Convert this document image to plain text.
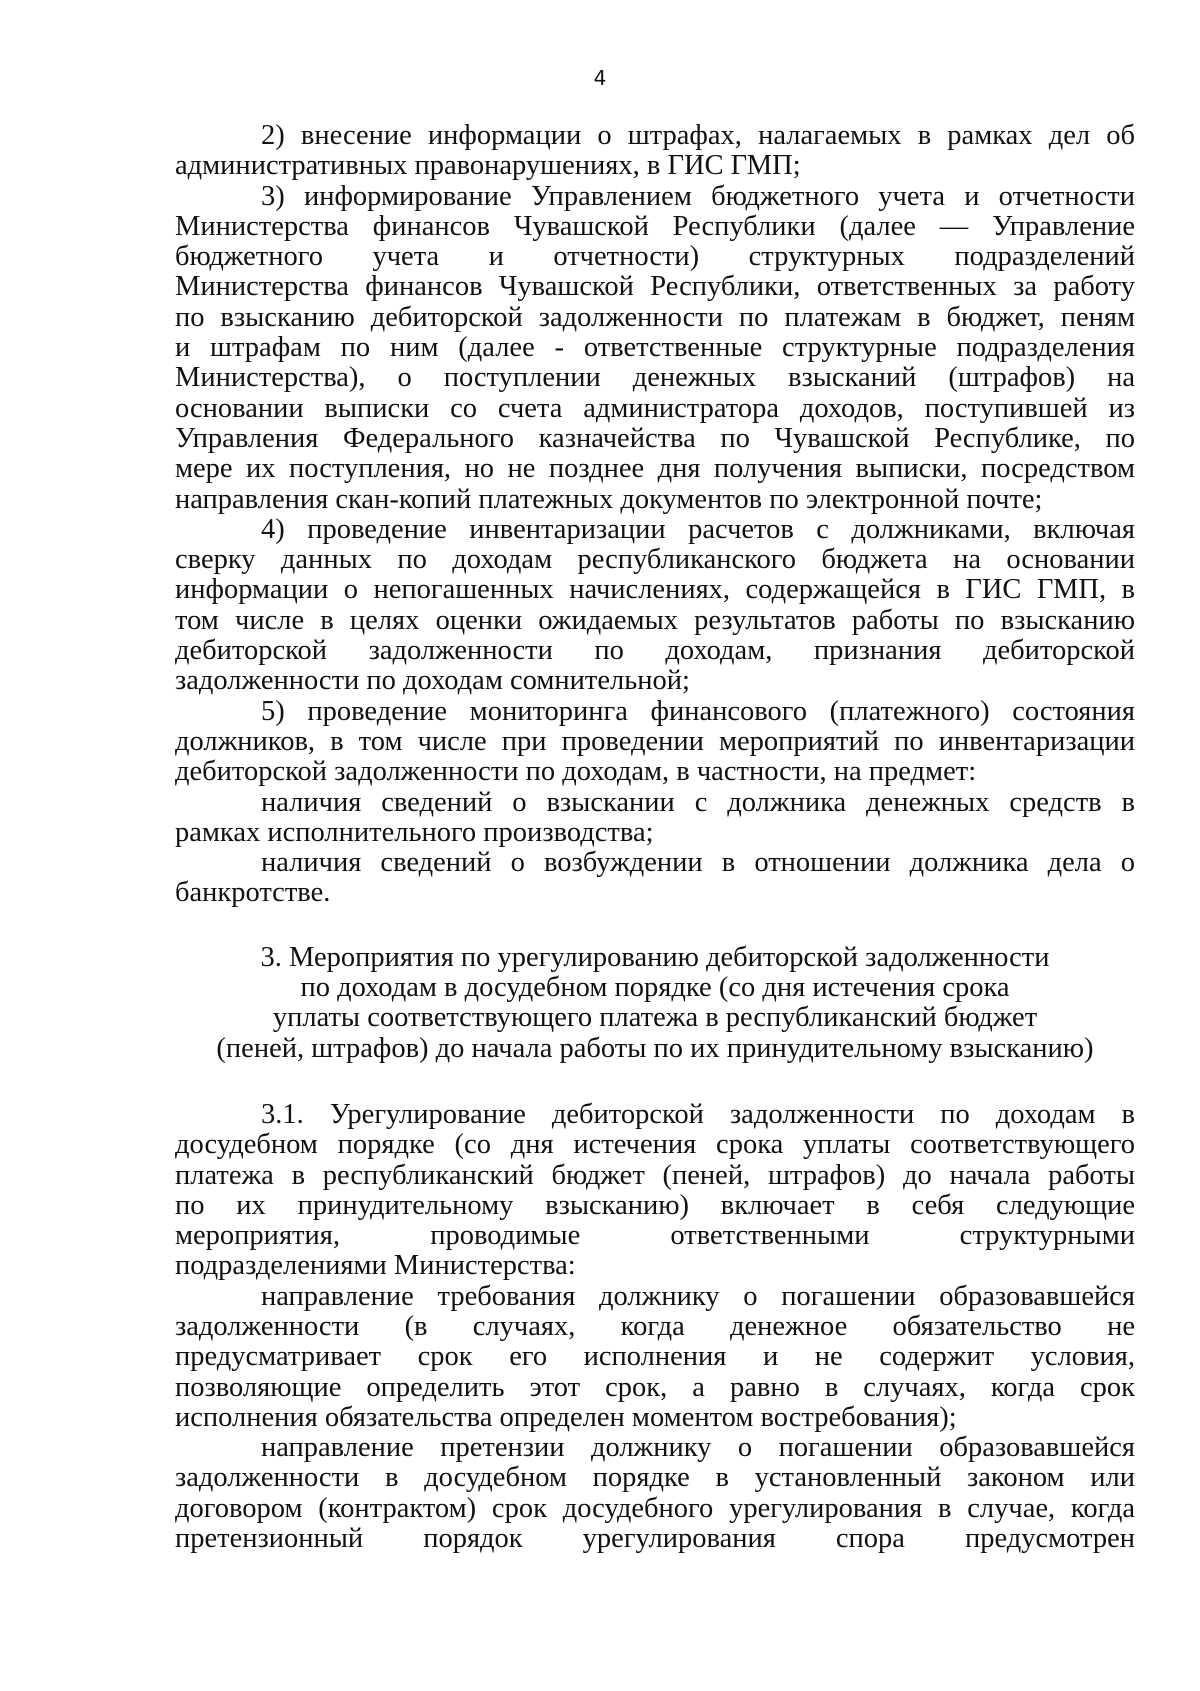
4
2) внесение информации о штрафах, налагаемых в рамках дел об
административных правонарушениях, в ГИС ГМП;
3) информирование Управлением бюджетного учета и отчетности
Министерства финансов Чувашской Республики (далее — Управление
бюджетного учета и отчетности) структурных подразделений
Министерства финансов Чувашской Республики, ответственных за работу
по взысканию дебиторской задолженности по платежам в бюджет, пеням
и штрафам по ним (далее - ответственные структурные подразделения
Министерства), о поступлении денежных взысканий (штрафов) на
основании выписки со счета администратора доходов, поступившей из
Управления Федерального казначейства по Чувашской Республике, по
мере их поступления, но не позднее дня получения выписки, посредством
направления скан-копий платежных документов по электронной почте;
4) проведение инвентаризации расчетов с должниками, включая
сверку данных по доходам республиканского бюджета на основании
информации о непогашенных начислениях, содержащейся в ГИС ГМП, в
том числе в целях оценки ожидаемых результатов работы по взысканию
дебиторской задолженности по доходам, признания дебиторской
задолженности по доходам сомнительной;
5) проведение мониторинга финансового (платежного) состояния
должников, в том числе при проведении мероприятий по инвентаризации
дебиторской задолженности по доходам, в частности, на предмет:
наличия сведений о взыскании с должника денежных средств в
рамках исполнительного производства;
наличия сведений о возбуждении в отношении должника дела о
банкротстве.
3. Мероприятия по урегулированию дебиторской задолженности
по доходам в досудебном порядке (со дня истечения срока
уплаты соответствующего платежа в республиканский бюджет
(пеней, штрафов) до начала работы по их принудительному взысканию)
3.1. Урегулирование дебиторской задолженности по доходам в
досудебном порядке (со дня истечения срока уплаты соответствующего
платежа в республиканский бюджет (пеней, штрафов) до начала работы
по их принудительному взысканию) включает в себя следующие
мероприятия, проводимые ответственными структурными
подразделениями Министерства:
направление требования должнику о погашении образовавшейся
задолженности (в случаях, когда денежное обязательство не
предусматривает срок его исполнения и не содержит условия,
позволяющие определить этот срок, а равно в случаях, когда срок
исполнения обязательства определен моментом востребования);
направление претензии должнику о погашении образовавшейся
задолженности в досудебном порядке в установленный законом или
договором (контрактом) срок досудебного урегулирования в случае, когда
претензионный порядок урегулирования спора предусмотрен
